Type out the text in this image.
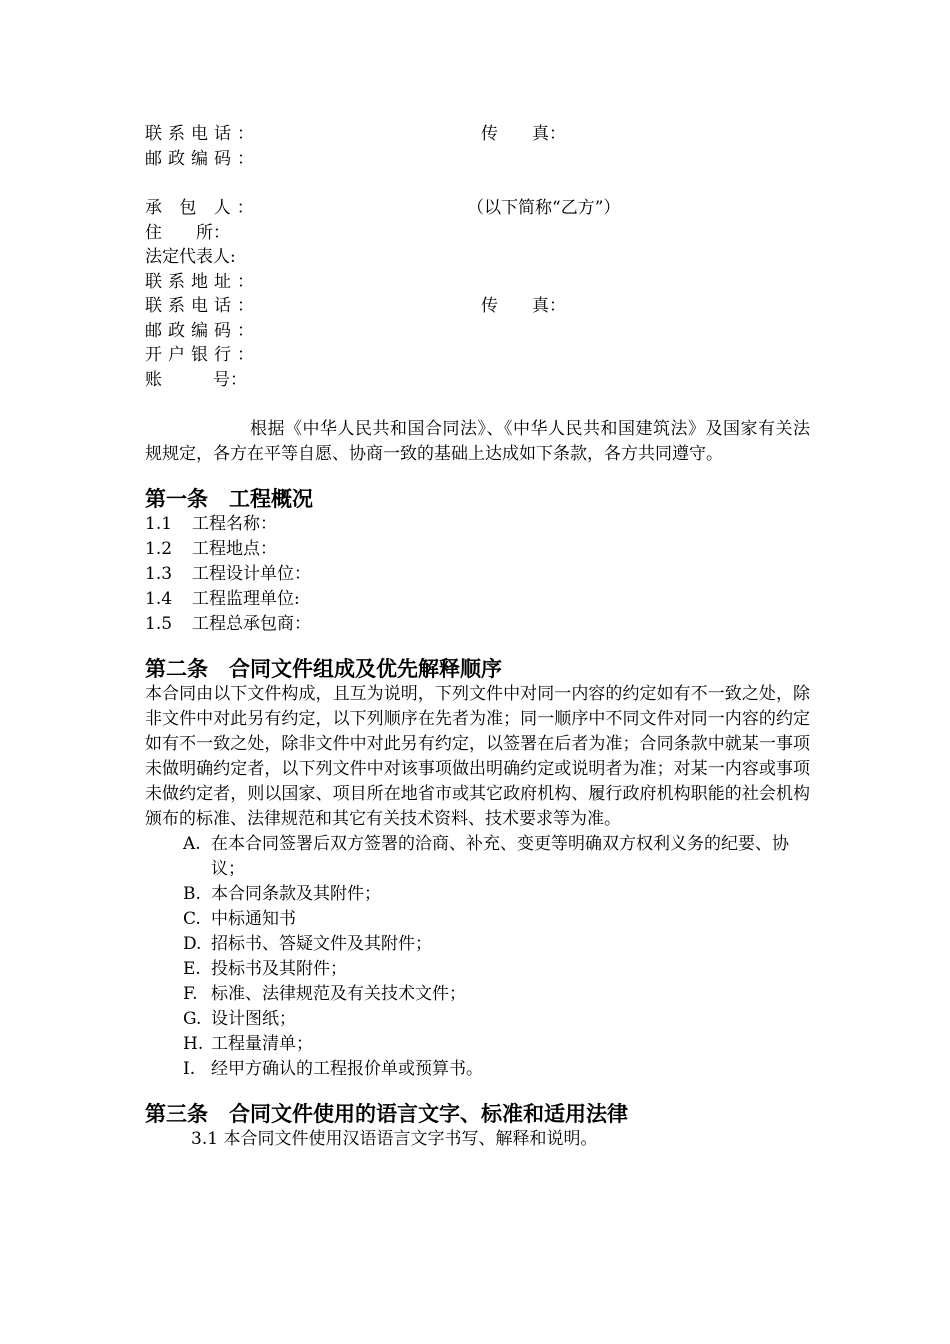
联系电话：	传　　真：
邮政编码：
承 包 人：	（以下简称“乙方”）
住　　所：
法定代表人:
联系地址：
联系电话：	传　　真：
邮政编码：
开户银行：
账　　　号：

根据《中华人民共和国合同法》、《中华人民共和国建筑法》及国家有关法规规定，各方在平等自愿、协商一致的基础上达成如下条款，各方共同遵守。

第一条　工程概况

1.1 工程名称：
1.2 工程地点：
1.3 工程设计单位：
1.4 工程监理单位:
1.5 工程总承包商：

第二条　合同文件组成及优先解释顺序

本合同由以下文件构成，且互为说明，下列文件中对同一内容的约定如有不一致之处，除非文件中对此另有约定，以下列顺序在先者为准；同一顺序中不同文件对同一内容的约定如有不一致之处，除非文件中对此另有约定，以签署在后者为准；合同条款中就某一事项未做明确约定者，以下列文件中对该事项做出明确约定或说明者为准；对某一内容或事项未做约定者，则以国家、项目所在地省市或其它政府机构、履行政府机构职能的社会机构颁布的标准、法律规范和其它有关技术资料、技术要求等为准。

A. 在本合同签署后双方签署的洽商、补充、变更等明确双方权利义务的纪要、协议；
B. 本合同条款及其附件；
C. 中标通知书
D. 招标书、答疑文件及其附件；
E. 投标书及其附件；
F. 标准、法律规范及有关技术文件；
G. 设计图纸；
H. 工程量清单；
I. 经甲方确认的工程报价单或预算书。

第三条　合同文件使用的语言文字、标准和适用法律

3.1 本合同文件使用汉语语言文字书写、解释和说明。
